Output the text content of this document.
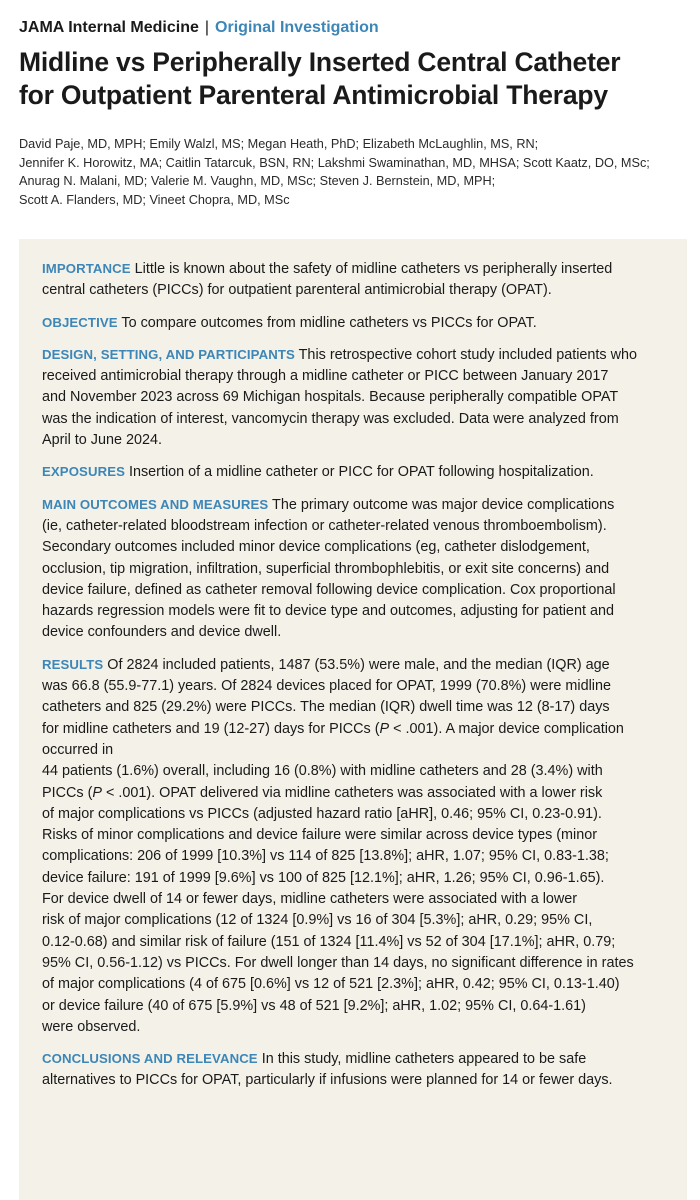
JAMA Internal Medicine | Original Investigation
Midline vs Peripherally Inserted Central Catheter
for Outpatient Parenteral Antimicrobial Therapy
David Paje, MD, MPH; Emily Walzl, MS; Megan Heath, PhD; Elizabeth McLaughlin, MS, RN;
Jennifer K. Horowitz, MA; Caitlin Tatarcuk, BSN, RN; Lakshmi Swaminathan, MD, MHSA; Scott Kaatz, DO, MSc;
Anurag N. Malani, MD; Valerie M. Vaughn, MD, MSc; Steven J. Bernstein, MD, MPH;
Scott A. Flanders, MD; Vineet Chopra, MD, MSc
IMPORTANCE Little is known about the safety of midline catheters vs peripherally inserted
central catheters (PICCs) for outpatient parenteral antimicrobial therapy (OPAT).
OBJECTIVE To compare outcomes from midline catheters vs PICCs for OPAT.
DESIGN, SETTING, AND PARTICIPANTS This retrospective cohort study included patients who
received antimicrobial therapy through a midline catheter or PICC between January 2017
and November 2023 across 69 Michigan hospitals. Because peripherally compatible OPAT
was the indication of interest, vancomycin therapy was excluded. Data were analyzed from
April to June 2024.
EXPOSURES Insertion of a midline catheter or PICC for OPAT following hospitalization.
MAIN OUTCOMES AND MEASURES The primary outcome was major device complications
(ie, catheter-related bloodstream infection or catheter-related venous thromboembolism).
Secondary outcomes included minor device complications (eg, catheter dislodgement,
occlusion, tip migration, infiltration, superficial thrombophlebitis, or exit site concerns) and
device failure, defined as catheter removal following device complication. Cox proportional
hazards regression models were fit to device type and outcomes, adjusting for patient and
device confounders and device dwell.
RESULTS Of 2824 included patients, 1487 (53.5%) were male, and the median (IQR) age
was 66.8 (55.9-77.1) years. Of 2824 devices placed for OPAT, 1999 (70.8%) were midline
catheters and 825 (29.2%) were PICCs. The median (IQR) dwell time was 12 (8-17) days
for midline catheters and 19 (12-27) days for PICCs (P < .001). A major device complication
occurred in
44 patients (1.6%) overall, including 16 (0.8%) with midline catheters and 28 (3.4%) with
PICCs (P < .001). OPAT delivered via midline catheters was associated with a lower risk
of major complications vs PICCs (adjusted hazard ratio [aHR], 0.46; 95% CI, 0.23-0.91).
Risks of minor complications and device failure were similar across device types (minor
complications: 206 of 1999 [10.3%] vs 114 of 825 [13.8%]; aHR, 1.07; 95% CI, 0.83-1.38;
device failure: 191 of 1999 [9.6%] vs 100 of 825 [12.1%]; aHR, 1.26; 95% CI, 0.96-1.65).
For device dwell of 14 or fewer days, midline catheters were associated with a lower
risk of major complications (12 of 1324 [0.9%] vs 16 of 304 [5.3%]; aHR, 0.29; 95% CI,
0.12-0.68) and similar risk of failure (151 of 1324 [11.4%] vs 52 of 304 [17.1%]; aHR, 0.79;
95% CI, 0.56-1.12) vs PICCs. For dwell longer than 14 days, no significant difference in rates
of major complications (4 of 675 [0.6%] vs 12 of 521 [2.3%]; aHR, 0.42; 95% CI, 0.13-1.40)
or device failure (40 of 675 [5.9%] vs 48 of 521 [9.2%]; aHR, 1.02; 95% CI, 0.64-1.61)
were observed.
CONCLUSIONS AND RELEVANCE In this study, midline catheters appeared to be safe
alternatives to PICCs for OPAT, particularly if infusions were planned for 14 or fewer days.
